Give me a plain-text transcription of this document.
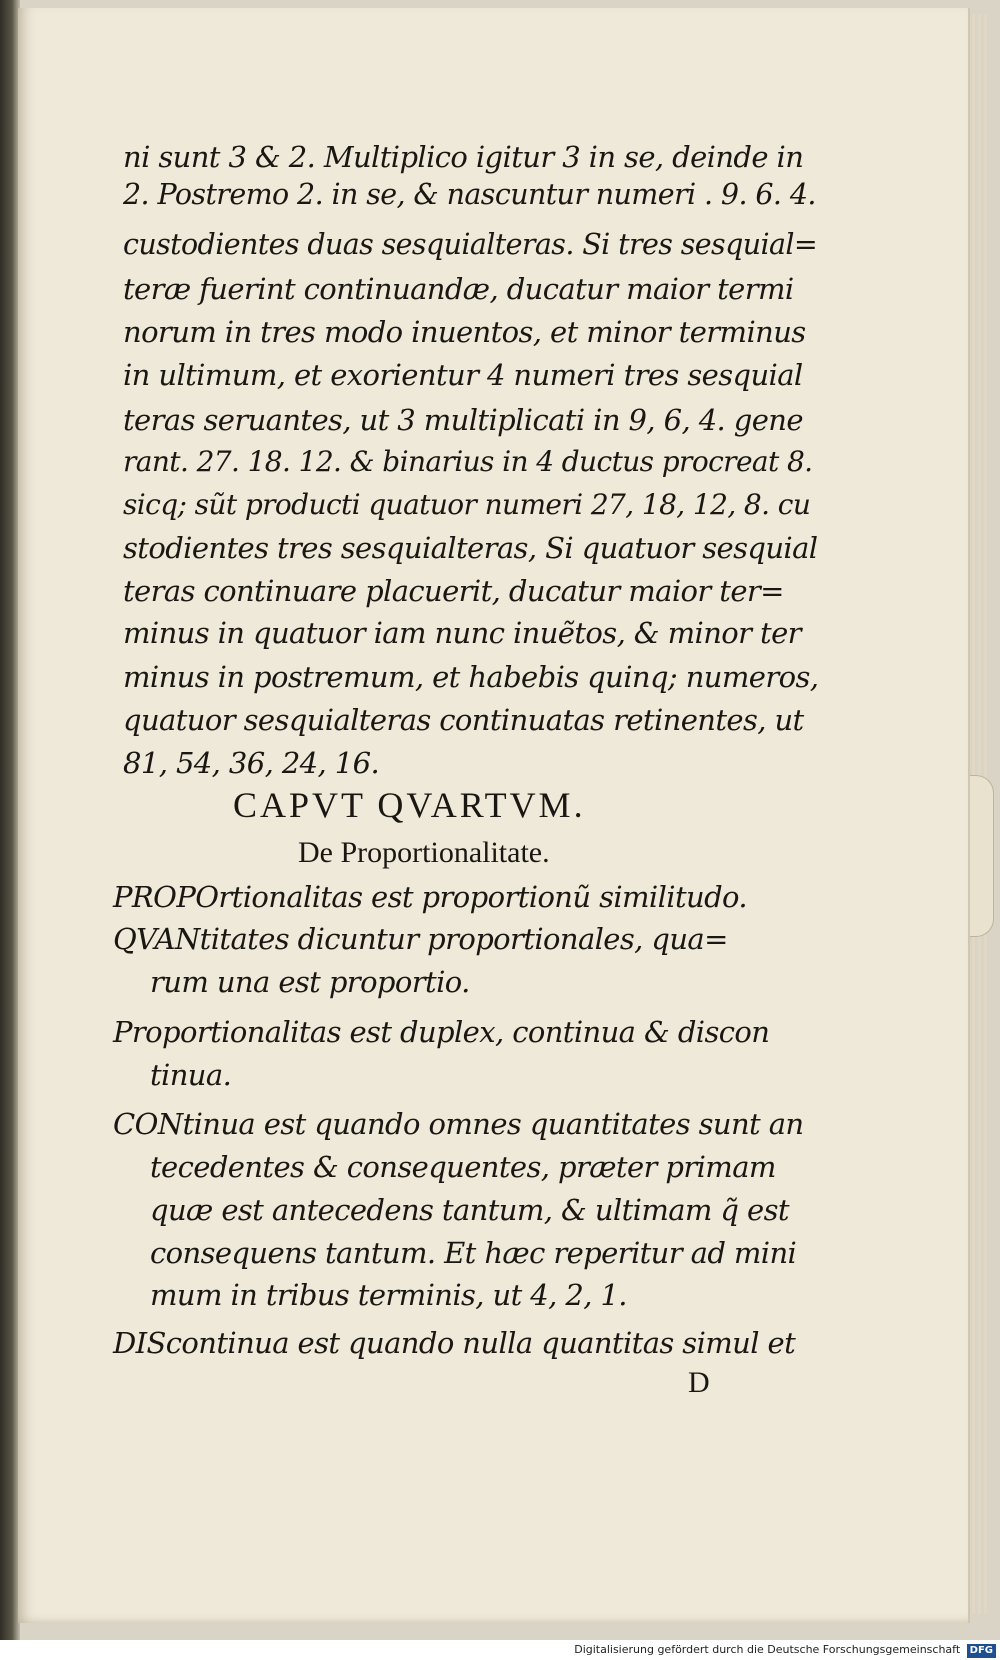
ni sunt 3 & 2. Multiplico igitur 3 in se, deinde in
2. Postremo 2. in se, & nascuntur numeri . 9. 6. 4.
custodientes duas sesquialteras. Si tres sesquial=
teræ fuerint continuandæ, ducatur maior termi
norum in tres modo inuentos, et minor terminus
in ultimum, et exorientur 4 numeri tres sesquial
teras seruantes, ut 3 multiplicati in 9, 6, 4. gene
rant. 27. 18. 12. & binarius in 4 ductus procreat 8.
sicq; sũt producti quatuor numeri 27, 18, 12, 8. cu
stodientes tres sesquialteras, Si quatuor sesquial
teras continuare placuerit, ducatur maior ter=
minus in quatuor iam nunc inuẽtos, & minor ter
minus in postremum, et habebis quinq; numeros,
quatuor sesquialteras continuatas retinentes, ut
81, 54, 36, 24, 16.
CAPVT QVARTVM.
De Proportionalitate.
PROPOrtionalitas est proportionũ similitudo.
QVANtitates dicuntur proportionales, qua=
rum una est proportio.
Proportionalitas est duplex, continua & discon
tinua.
CONtinua est quando omnes quantitates sunt an
tecedentes & consequentes, præter primam
quæ est antecedens tantum, & ultimam q̃ est
consequens tantum. Et hæc reperitur ad mini
mum in tribus terminis, ut 4, 2, 1.
DIScontinua est quando nulla quantitas simul et
D
Digitalisierung gefördert durch die Deutsche Forschungsgemeinschaft DFG
